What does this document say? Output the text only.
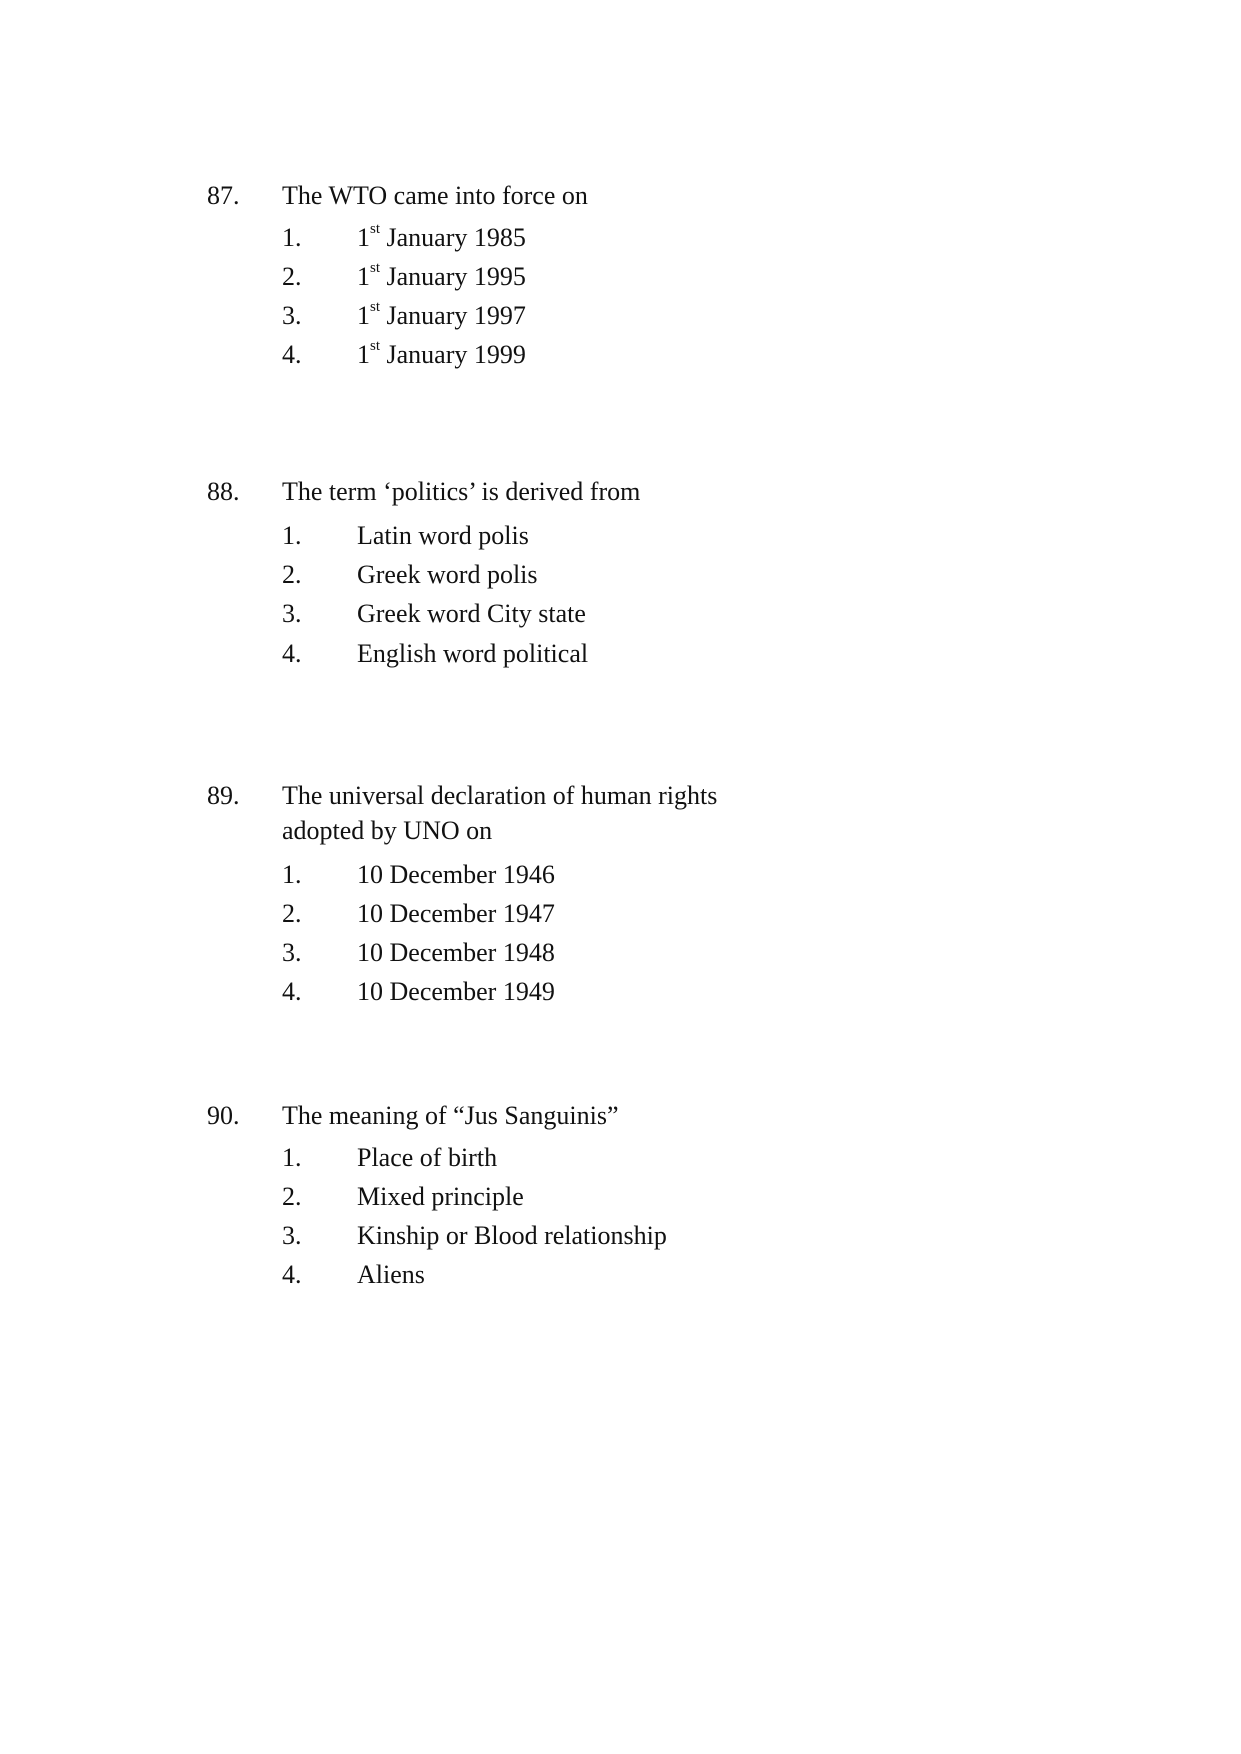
87. The WTO came into force on
1. 1st January 1985
2. 1st January 1995
3. 1st January 1997
4. 1st January 1999
88. The term ‘politics’ is derived from
1. Latin word polis
2. Greek word polis
3. Greek word City state
4. English word political
89. The universal declaration of human rights
adopted by UNO on
1. 10 December 1946
2. 10 December 1947
3. 10 December 1948
4. 10 December 1949
90. The meaning of “Jus Sanguinis”
1. Place of birth
2. Mixed principle
3. Kinship or Blood relationship
4. Aliens
